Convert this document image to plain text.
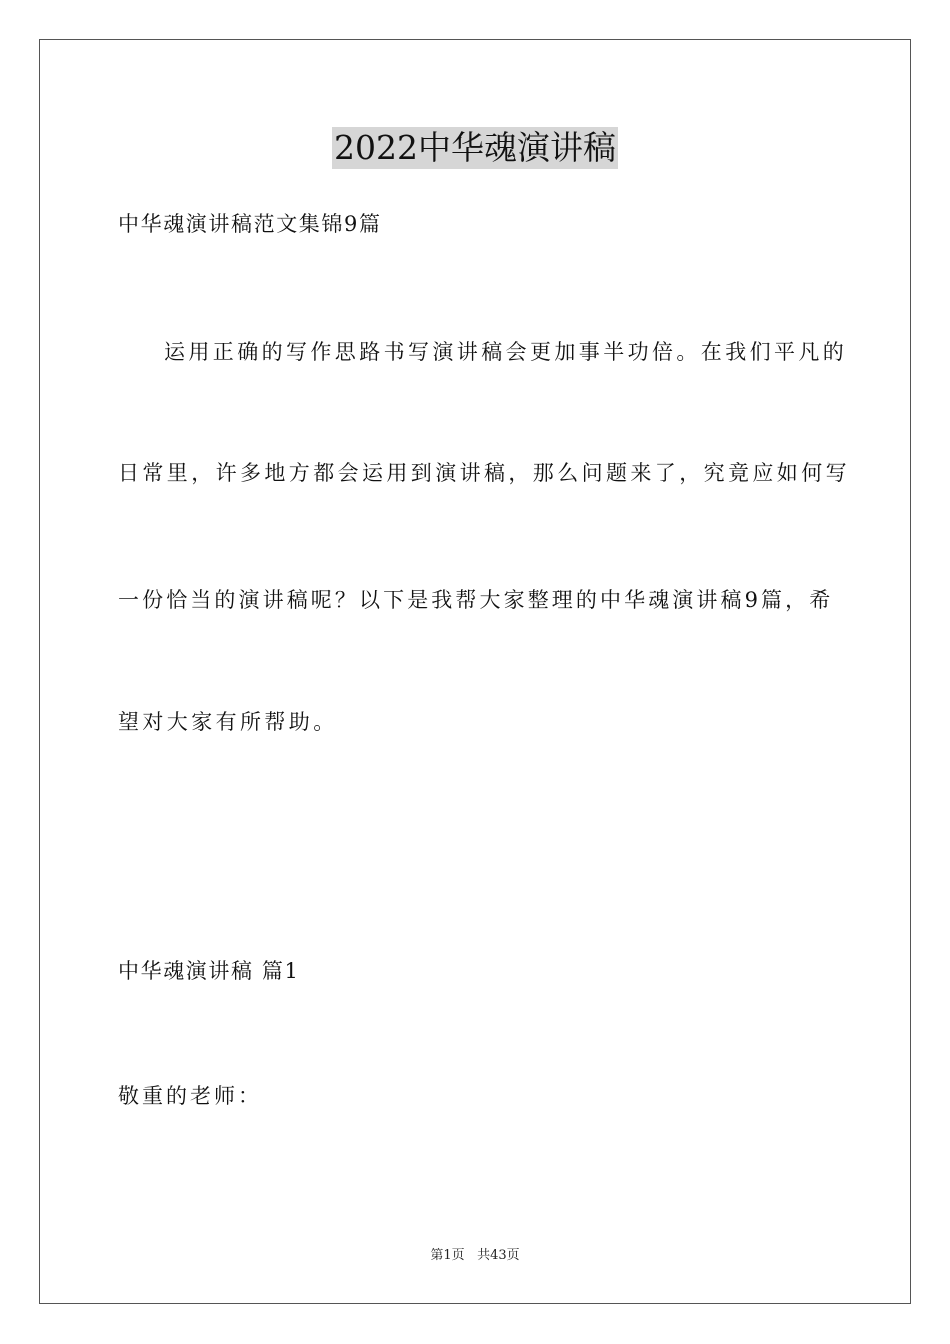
2022中华魂演讲稿
中华魂演讲稿范文集锦9篇
运用正确的写作思路书写演讲稿会更加事半功倍。在我们平凡的
日常里，许多地方都会运用到演讲稿，那么问题来了，究竟应如何写
一份恰当的演讲稿呢？以下是我帮大家整理的中华魂演讲稿9篇，希
望对大家有所帮助。
中华魂演讲稿 篇1
敬重的老师：
第1页 共43页
